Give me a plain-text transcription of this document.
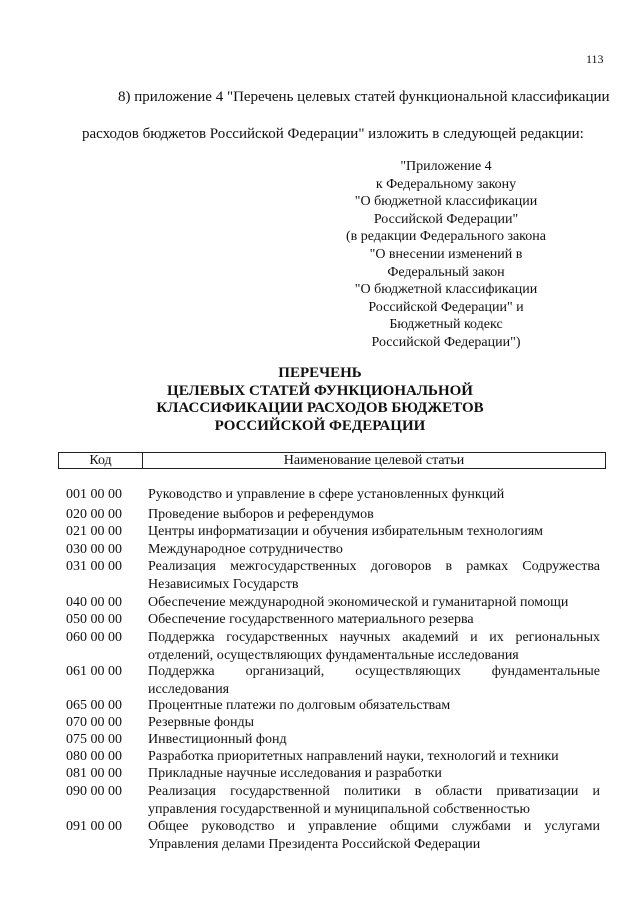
113
8) приложение 4 "Перечень целевых статей функциональной классификации
расходов бюджетов Российской Федерации" изложить в следующей редакции:
"Приложение 4
к Федеральному закону
"О бюджетной классификации
Российской Федерации"
(в редакции Федерального закона
"О внесении изменений в
Федеральный закон
"О бюджетной классификации
Российской Федерации" и
Бюджетный кодекс
Российской Федерации")
ПЕРЕЧЕНЬ
ЦЕЛЕВЫХ СТАТЕЙ ФУНКЦИОНАЛЬНОЙ
КЛАССИФИКАЦИИ РАСХОДОВ БЮДЖЕТОВ
РОССИЙСКОЙ ФЕДЕРАЦИИ
Код	Наименование целевой статьи
001 00 00 Руководство и управление в сфере установленных функций
020 00 00 Проведение выборов и референдумов
021 00 00 Центры информатизации и обучения избирательным технологиям
030 00 00 Международное сотрудничество
031 00 00 Реализация межгосударственных договоров в рамках Содружества Независимых Государств
040 00 00 Обеспечение международной экономической и гуманитарной помощи
050 00 00 Обеспечение государственного материального резерва
060 00 00 Поддержка государственных научных академий и их региональных отделений, осуществляющих фундаментальные исследования
061 00 00 Поддержка организаций, осуществляющих фундаментальные исследования
065 00 00 Процентные платежи по долговым обязательствам
070 00 00 Резервные фонды
075 00 00 Инвестиционный фонд
080 00 00 Разработка приоритетных направлений науки, технологий и техники
081 00 00 Прикладные научные исследования и разработки
090 00 00 Реализация государственной политики в области приватизации и управления государственной и муниципальной собственностью
091 00 00 Общее руководство и управление общими службами и услугами Управления делами Президента Российской Федерации
